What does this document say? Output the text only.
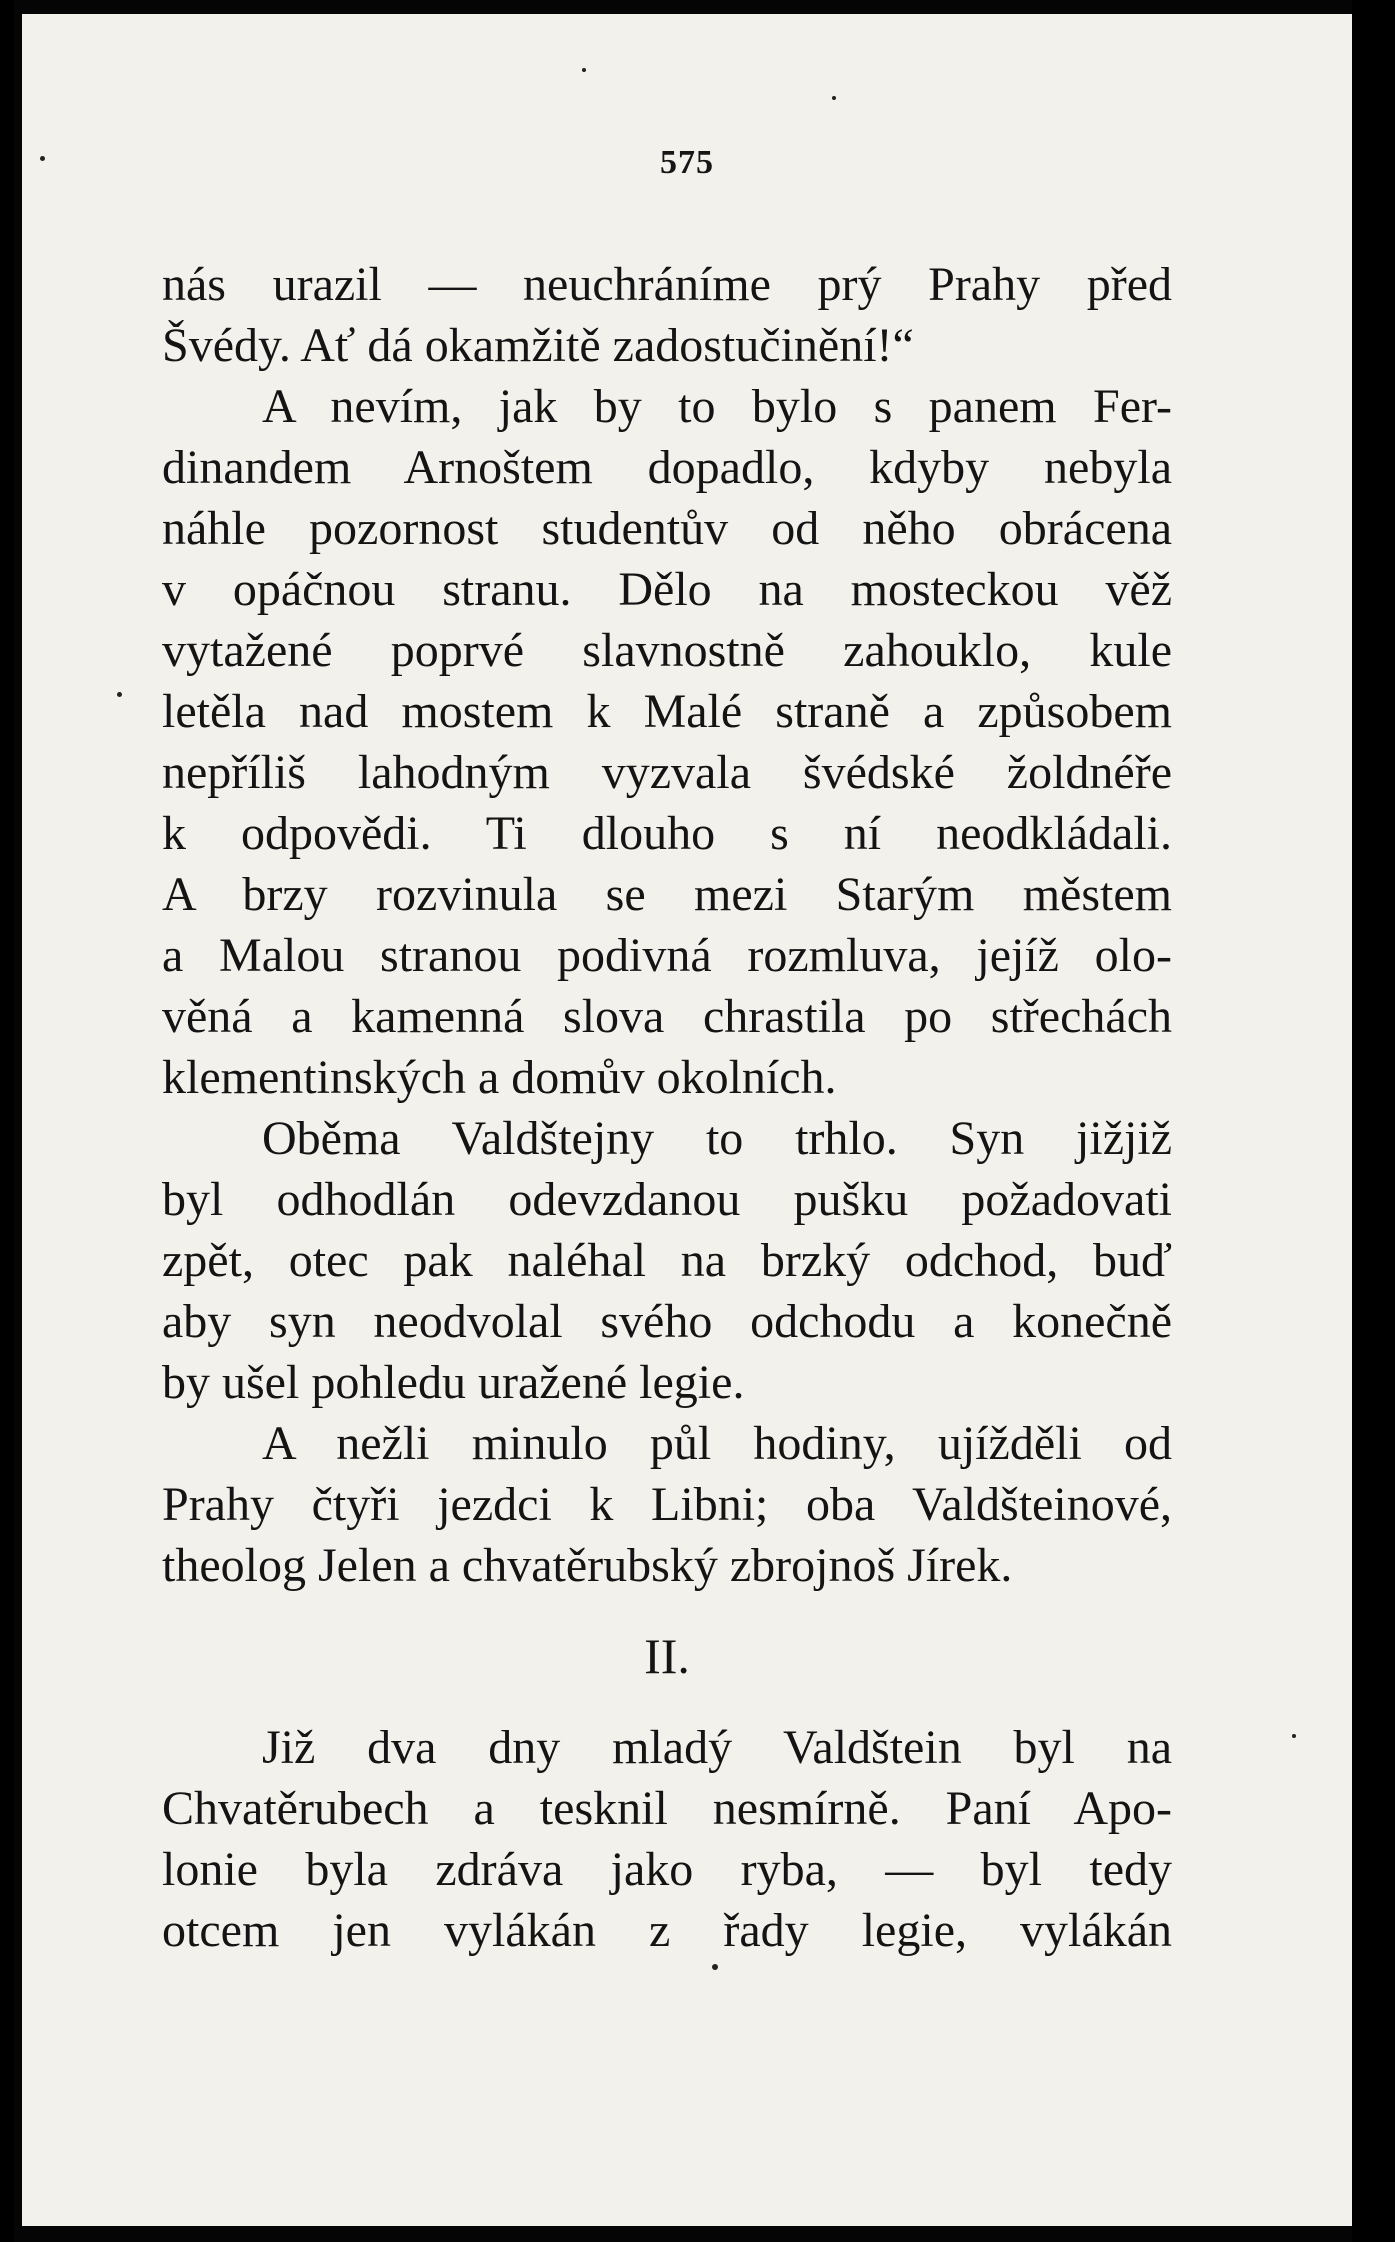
575
nás urazil — neuchráníme prý Prahy před
Švédy. Ať dá okamžitě zadostučinění!“
A nevím, jak by to bylo s panem Fer-
dinandem Arnoštem dopadlo, kdyby nebyla
náhle pozornost studentův od něho obrácena
v opáčnou stranu. Dělo na mosteckou věž
vytažené poprvé slavnostně zahouklo, kule
letěla nad mostem k Malé straně a způsobem
nepříliš lahodným vyzvala švédské žoldnéře
k odpovědi. Ti dlouho s ní neodkládali.
A brzy rozvinula se mezi Starým městem
a Malou stranou podivná rozmluva, jejíž olo-
věná a kamenná slova chrastila po střechách
klementinských a domův okolních.
Oběma Valdštejny to trhlo. Syn jižjiž
byl odhodlán odevzdanou pušku požadovati
zpět, otec pak naléhal na brzký odchod, buď
aby syn neodvolal svého odchodu a konečně
by ušel pohledu uražené legie.
A nežli minulo půl hodiny, ujížděli od
Prahy čtyři jezdci k Libni; oba Valdšteinové,
theolog Jelen a chvatěrubský zbrojnoš Jírek.
II.
Již dva dny mladý Valdštein byl na
Chvatěrubech a tesknil nesmírně. Paní Apo-
lonie byla zdráva jako ryba, — byl tedy
otcem jen vylákán z řady legie, vylákán
